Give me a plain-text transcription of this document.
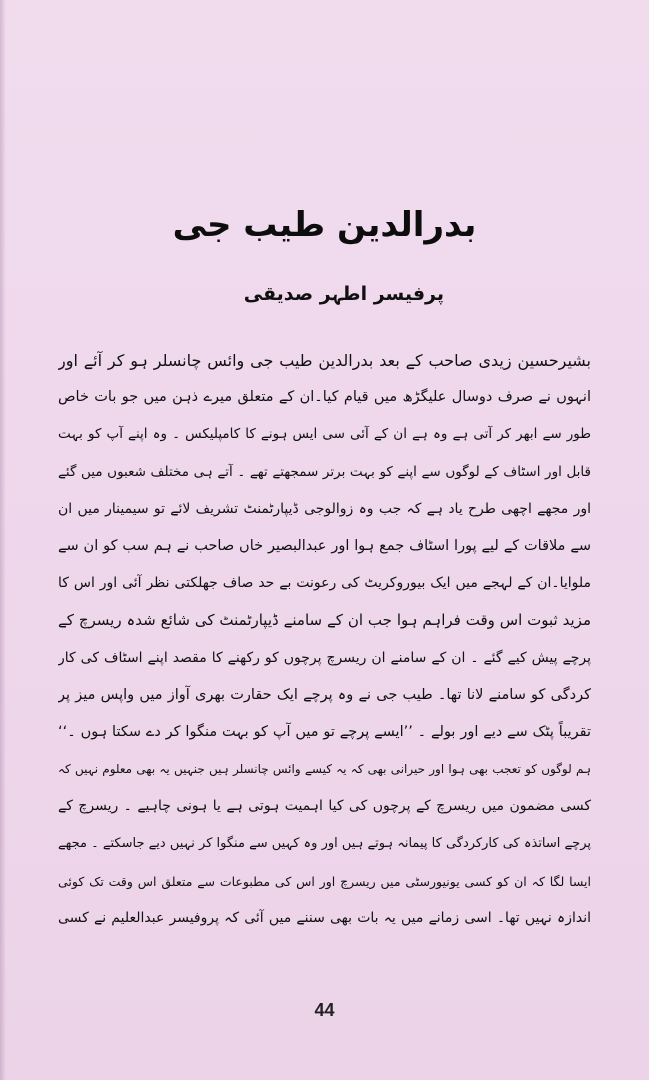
بدرالدین طیب جی
پرفیسر اطہر صدیقی
بشیرحسین زیدی صاحب کے بعد بدرالدین طیب جی وائس چانسلر ہو کر آئے اور
انہوں نے صرف دوسال علیگڑھ میں قیام کیا۔ان کے متعلق میرے ذہن میں جو بات خاص
طور سے ابھر کر آتی ہے وہ ہے ان کے آئی سی ایس ہونے کا کامپلیکس ۔ وہ اپنے آپ کو بہت
قابل اور اسٹاف کے لوگوں سے اپنے کو بہت برتر سمجھتے تھے ۔ آتے ہی مختلف شعبوں میں گئے
اور مجھے اچھی طرح یاد ہے کہ جب وہ زوالوجی ڈیپارٹمنٹ تشریف لائے تو سیمینار میں ان
سے ملاقات کے لیے پورا اسٹاف جمع ہوا اور عبدالبصیر خاں صاحب نے ہم سب کو ان سے
ملوایا۔ان کے لہجے میں ایک بیوروکریٹ کی رعونت بے حد صاف جھلکتی نظر آئی اور اس کا
مزید ثبوت اس وقت فراہم ہوا جب ان کے سامنے ڈیپارٹمنٹ کی شائع شدہ ریسرچ کے
پرچے پیش کیے گئے ۔ ان کے سامنے ان ریسرچ پرچوں کو رکھنے کا مقصد اپنے اسٹاف کی کار
کردگی کو سامنے لانا تھا۔ طیب جی نے وہ پرچے ایک حقارت بھری آواز میں واپس میز پر
تقریباً پٹک سے دیے اور بولے ۔ ’’ایسے پرچے تو میں آپ کو بہت منگوا کر دے سکتا ہوں ۔‘‘
ہم لوگوں کو تعجب بھی ہوا اور حیرانی بھی کہ یہ کیسے وائس چانسلر ہیں جنہیں یہ بھی معلوم نہیں کہ
کسی مضمون میں ریسرچ کے پرچوں کی کیا اہمیت ہوتی ہے یا ہونی چاہیے ۔ ریسرچ کے
پرچے اساتذہ کی کارکردگی کا پیمانہ ہوتے ہیں اور وہ کہیں سے منگوا کر نہیں دیے جاسکتے ۔ مجھے
ایسا لگا کہ ان کو کسی یونیورسٹی میں ریسرچ اور اس کی مطبوعات سے متعلق اس وقت تک کوئی
اندازہ نہیں تھا۔ اسی زمانے میں یہ بات بھی سننے میں آئی کہ پروفیسر عبدالعلیم نے کسی
44
